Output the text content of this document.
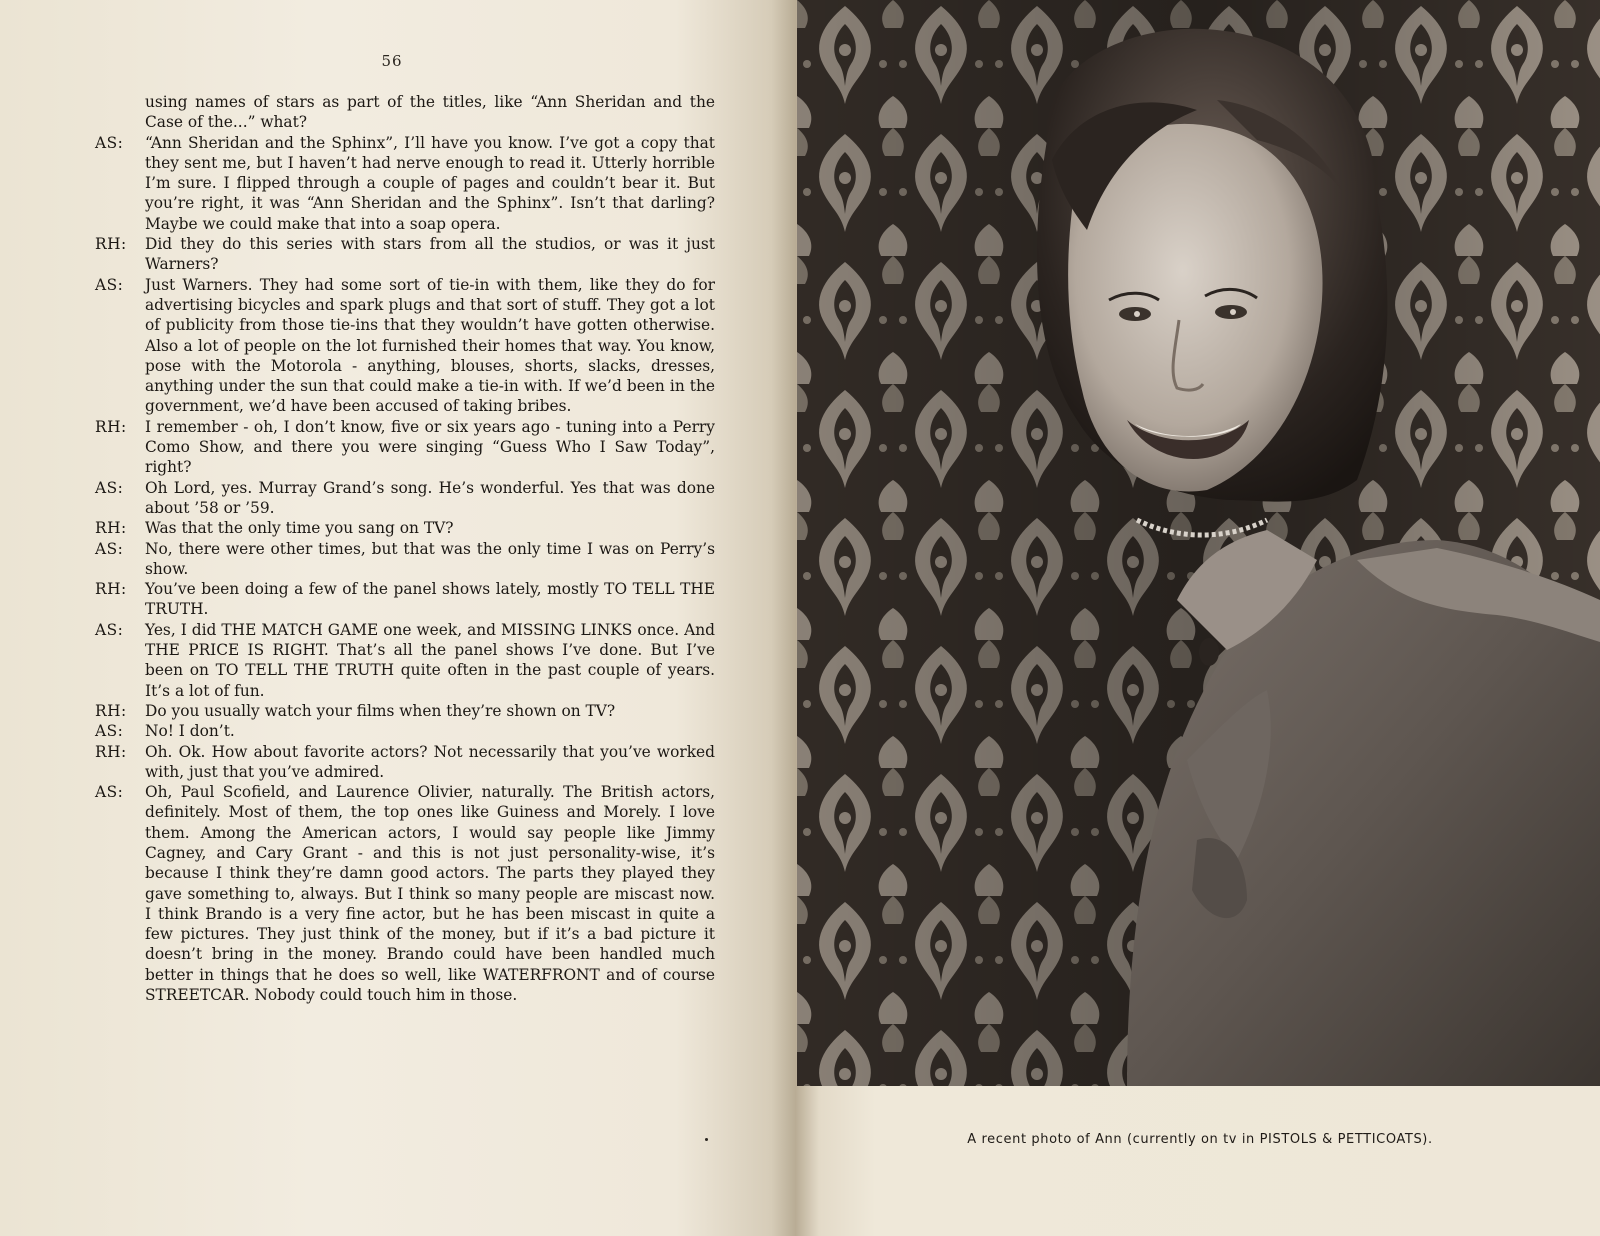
56
using names of stars as part of the titles, like “Ann Sheridan and the Case of the...” what?
AS:	“Ann Sheridan and the Sphinx”, I’ll have you know. I’ve got a copy that they sent me, but I haven’t had nerve enough to read it. Utterly horrible I’m sure. I flipped through a couple of pages and couldn’t bear it. But you’re right, it was “Ann Sheridan and the Sphinx”. Isn’t that darling? Maybe we could make that into a soap opera.
RH:	Did they do this series with stars from all the studios, or was it just Warners?
AS:	Just Warners. They had some sort of tie-in with them, like they do for advertising bicycles and spark plugs and that sort of stuff. They got a lot of publicity from those tie-ins that they wouldn’t have gotten otherwise. Also a lot of people on the lot furnished their homes that way. You know, pose with the Motorola - anything, blouses, shorts, slacks, dresses, anything under the sun that could make a tie-in with. If we’d been in the government, we’d have been accused of taking bribes.
RH:	I remember - oh, I don’t know, five or six years ago - tuning into a Perry Como Show, and there you were singing “Guess Who I Saw Today”, right?
AS:	Oh Lord, yes. Murray Grand’s song. He’s wonderful. Yes that was done about ’58 or ’59.
RH:	Was that the only time you sang on TV?
AS:	No, there were other times, but that was the only time I was on Perry’s show.
RH:	You’ve been doing a few of the panel shows lately, mostly TO TELL THE TRUTH.
AS:	Yes, I did THE MATCH GAME one week, and MISSING LINKS once. And THE PRICE IS RIGHT. That’s all the panel shows I’ve done. But I’ve been on TO TELL THE TRUTH quite often in the past couple of years. It’s a lot of fun.
RH:	Do you usually watch your films when they’re shown on TV?
AS:	No! I don’t.
RH:	Oh. Ok. How about favorite actors? Not necessarily that you’ve worked with, just that you’ve admired.
AS:	Oh, Paul Scofield, and Laurence Olivier, naturally. The British actors, definitely. Most of them, the top ones like Guiness and Morely. I love them. Among the American actors, I would say people like Jimmy Cagney, and Cary Grant - and this is not just personality-wise, it’s because I think they’re damn good actors. The parts they played they gave something to, always. But I think so many people are miscast now. I think Brando is a very fine actor, but he has been miscast in quite a few pictures. They just think of the money, but if it’s a bad picture it doesn’t bring in the money. Brando could have been handled much better in things that he does so well, like WATERFRONT and of course STREETCAR. Nobody could touch him in those.
A recent photo of Ann (currently on tv in PISTOLS & PETTICOATS).
